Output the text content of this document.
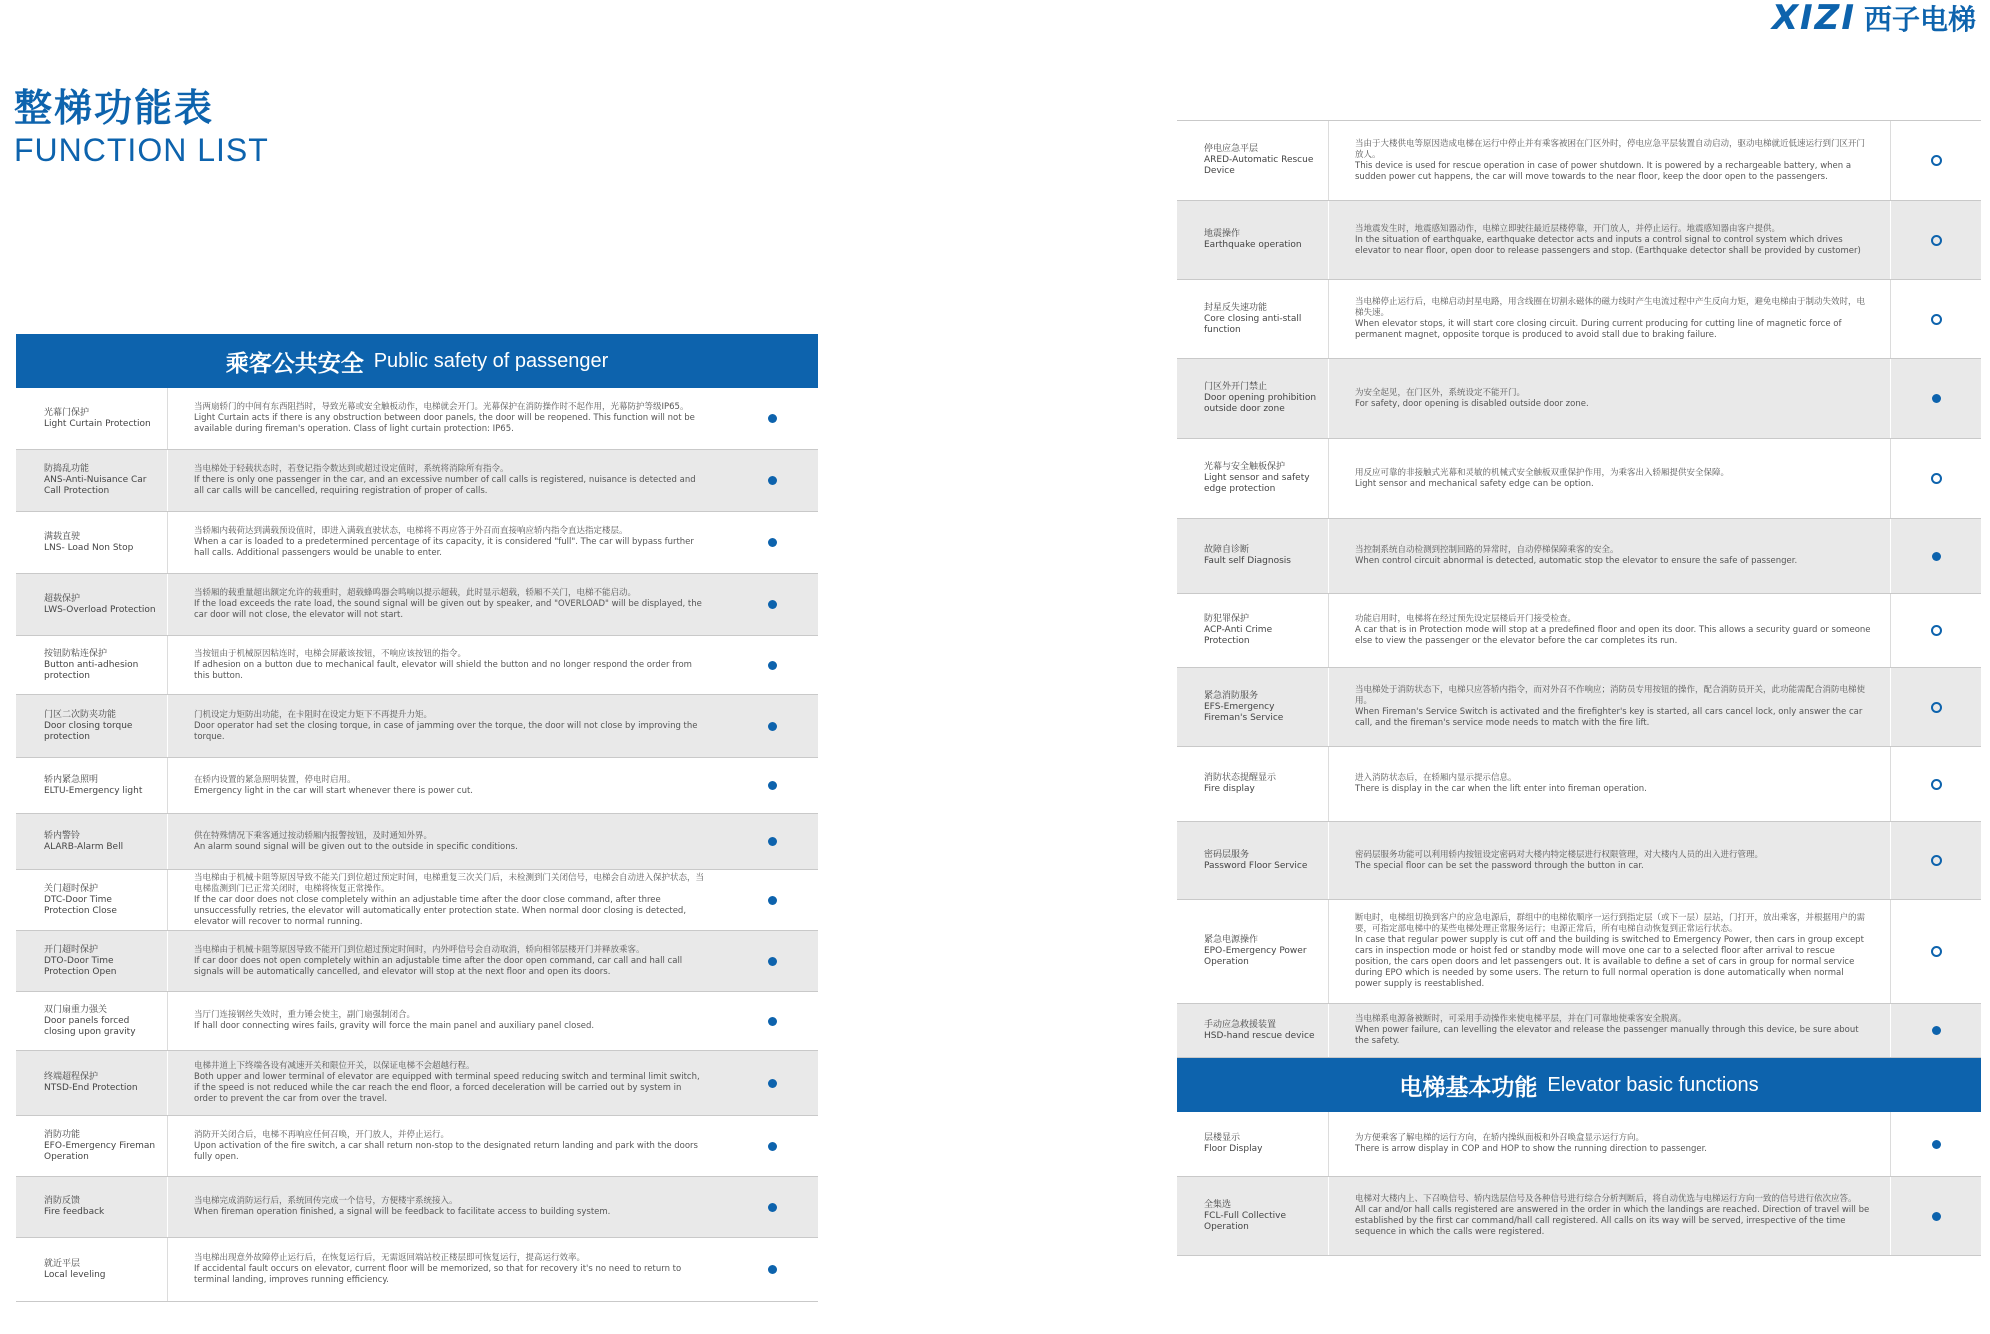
XIZI 西子电梯
整梯功能表
FUNCTION LIST
乘客公共安全 Public safety of passenger
光幕门保护
Light Curtain Protection
当两扇轿门的中间有东西阻挡时，导致光幕或安全触板动作，电梯就会开门。光幕保护在消防操作时不起作用，光幕防护等级IP65。
Light Curtain acts if there is any obstruction between door panels, the door will be reopened. This function will not be available during fireman's operation. Class of light curtain protection: IP65.
防捣乱功能
ANS-Anti-Nuisance Car Call Protection
当电梯处于轻载状态时，若登记指令数达到或超过设定值时，系统将消除所有指令。
If there is only one passenger in the car, and an excessive number of call calls is registered, nuisance is detected and all car calls will be cancelled, requiring registration of proper of calls.
满载直驶
LNS- Load Non Stop
当轿厢内载荷达到满载预设值时，即进入满载直驶状态，电梯将不再应答于外召而直接响应轿内指令直达指定楼层。
When a car is loaded to a predetermined percentage of its capacity, it is considered "full". The car will bypass further hall calls. Additional passengers would be unable to enter.
超载保护
LWS-Overload Protection
当轿厢的载重量超出额定允许的载重时，超载蜂鸣器会鸣响以提示超载，此时显示超载，轿厢不关门，电梯不能启动。
If the load exceeds the rate load, the sound signal will be given out by speaker, and "OVERLOAD" will be displayed, the car door will not close, the elevator will not start.
按钮防粘连保护
Button anti-adhesion protection
当按钮由于机械原因粘连时，电梯会屏蔽该按钮，不响应该按钮的指令。
If adhesion on a button due to mechanical fault, elevator will shield the button and no longer respond the order from this button.
门区二次防夹功能
Door closing torque protection
门机设定力矩防出功能，在卡阻时在设定力矩下不再提升力矩。
Door operator had set the closing torque, in case of jamming over the torque, the door will not close by improving the torque.
轿内紧急照明
ELTU-Emergency light
在轿内设置的紧急照明装置，停电时启用。
Emergency light in the car will start whenever there is power cut.
轿内警铃
ALARB-Alarm Bell
供在特殊情况下乘客通过按动轿厢内报警按钮，及时通知外界。
An alarm sound signal will be given out to the outside in specific conditions.
关门超时保护
DTC-Door Time Protection Close
当电梯由于机械卡阻等原因导致不能关门到位超过预定时间，电梯重复三次关门后，未检测到门关闭信号，电梯会自动进入保护状态，当电梯监测到门已正常关闭时，电梯将恢复正常操作。
If the car door does not close completely within an adjustable time after the door close command, after three unsuccessfully retries, the elevator will automatically enter protection state. When normal door closing is detected, elevator will recover to normal running.
开门超时保护
DTO-Door Time Protection Open
当电梯由于机械卡阻等原因导致不能开门到位超过预定时间时，内外呼信号会自动取消，轿向相邻层楼开门并释放乘客。
If car door does not open completely within an adjustable time after the door open command, car call and hall call signals will be automatically cancelled, and elevator will stop at the next floor and open its doors.
双门扇重力强关
Door panels forced closing upon gravity
当厅门连接钢丝失效时，重力锤会使主，副门扇强制闭合。
If hall door connecting wires fails, gravity will force the main panel and auxiliary panel closed.
终端超程保护
NTSD-End Protection
电梯井道上下终端各设有减速开关和限位开关，以保证电梯不会超越行程。
Both upper and lower terminal of elevator are equipped with terminal speed reducing switch and terminal limit switch, if the speed is not reduced while the car reach the end floor, a forced deceleration will be carried out by system in order to prevent the car from over the travel.
消防功能
EFO-Emergency Fireman Operation
消防开关闭合后，电梯不再响应任何召唤，开门放人，并停止运行。
Upon activation of the fire switch, a car shall return non-stop to the designated return landing and park with the doors fully open.
消防反馈
Fire feedback
当电梯完成消防运行后，系统回传完成一个信号，方便楼宇系统接入。
When fireman operation finished, a signal will be feedback to facilitate access to building system.
就近平层
Local leveling
当电梯出现意外故障停止运行后，在恢复运行后，无需返回端站校正楼层即可恢复运行，提高运行效率。
If accidental fault occurs on elevator, current floor will be memorized, so that for recovery it's no need to return to terminal landing, improves running efficiency.
停电应急平层
ARED-Automatic Rescue Device
当由于大楼供电等原因造成电梯在运行中停止并有乘客被困在门区外时，停电应急平层装置自动启动，驱动电梯就近低速运行到门区开门放人。
This device is used for rescue operation in case of power shutdown. It is powered by a rechargeable battery, when a sudden power cut happens, the car will move towards to the near floor, keep the door open to the passengers.
地震操作
Earthquake operation
当地震发生时，地震感知器动作，电梯立即驶往最近层楼停靠，开门放人，并停止运行。地震感知器由客户提供。
In the situation of earthquake, earthquake detector acts and inputs a control signal to control system which drives elevator to near floor, open door to release passengers and stop. (Earthquake detector shall be provided by customer)
封星反失速功能
Core closing anti-stall function
当电梯停止运行后，电梯启动封星电路，用含线圈在切割永磁体的磁力线时产生电流过程中产生反向力矩，避免电梯由于制动失效时，电梯失速。
When elevator stops, it will start core closing circuit. During current producing for cutting line of magnetic force of permanent magnet, opposite torque is produced to avoid stall due to braking failure.
门区外开门禁止
Door opening prohibition outside door zone
为安全起见，在门区外，系统设定不能开门。
For safety, door opening is disabled outside door zone.
光幕与安全触板保护
Light sensor and safety edge protection
用反应可靠的非接触式光幕和灵敏的机械式安全触板双重保护作用，为乘客出入轿厢提供安全保障。
Light sensor and mechanical safety edge can be option.
故障自诊断
Fault self Diagnosis
当控制系统自动检测到控制回路的异常时，自动停梯保障乘客的安全。
When control circuit abnormal is detected, automatic stop the elevator to ensure the safe of passenger.
防犯罪保护
ACP-Anti Crime Protection
功能启用时，电梯将在经过预先设定层楼后开门接受检查。
A car that is in Protection mode will stop at a predefined floor and open its door. This allows a security guard or someone else to view the passenger or the elevator before the car completes its run.
紧急消防服务
EFS-Emergency Fireman's Service
当电梯处于消防状态下，电梯只应答轿内指令，而对外召不作响应；消防员专用按钮的操作，配合消防员开关，此功能需配合消防电梯使用。
When Fireman's Service Switch is activated and the firefighter's key is started, all cars cancel lock, only answer the car call, and the fireman's service mode needs to match with the fire lift.
消防状态提醒显示
Fire display
进入消防状态后，在轿厢内显示提示信息。
There is display in the car when the lift enter into fireman operation.
密码层服务
Password Floor Service
密码层服务功能可以利用轿内按钮设定密码对大楼内特定楼层进行权限管理，对大楼内人员的出入进行管理。
The special floor can be set the password through the button in car.
紧急电源操作
EPO-Emergency Power Operation
断电时，电梯组切换到客户的应急电源后，群组中的电梯依顺序一运行到指定层（或下一层）层站，门打开，放出乘客，并根据用户的需要，可指定部电梯中的某些电梯处理正常服务运行；电源正常后，所有电梯自动恢复到正常运行状态。
In case that regular power supply is cut off and the building is switched to Emergency Power, then cars in group except cars in inspection mode or hoist fed or standby mode will move one car to a selected floor after arrival to rescue position, the cars open doors and let passengers out. It is available to define a set of cars in group for normal service during EPO which is needed by some users. The return to full normal operation is done automatically when normal power supply is reestablished.
手动应急救援装置
HSD-hand rescue device
当电梯系电源备被断时，可采用手动操作来使电梯平层，并在门可靠地使乘客安全脱离。
When power failure, can levelling the elevator and release the passenger manually through this device, be sure about the safety.
电梯基本功能 Elevator basic functions
层楼显示
Floor Display
为方便乘客了解电梯的运行方向，在轿内操纵面板和外召唤盒显示运行方向。
There is arrow display in COP and HOP to show the running direction to passenger.
全集选
FCL-Full Collective Operation
电梯对大楼内上、下召唤信号、轿内选层信号及各种信号进行综合分析判断后，将自动优选与电梯运行方向一致的信号进行依次应答。
All car and/or hall calls registered are answered in the order in which the landings are reached. Direction of travel will be established by the first car command/hall call registered. All calls on its way will be served, irrespective of the time sequence in which the calls were registered.
